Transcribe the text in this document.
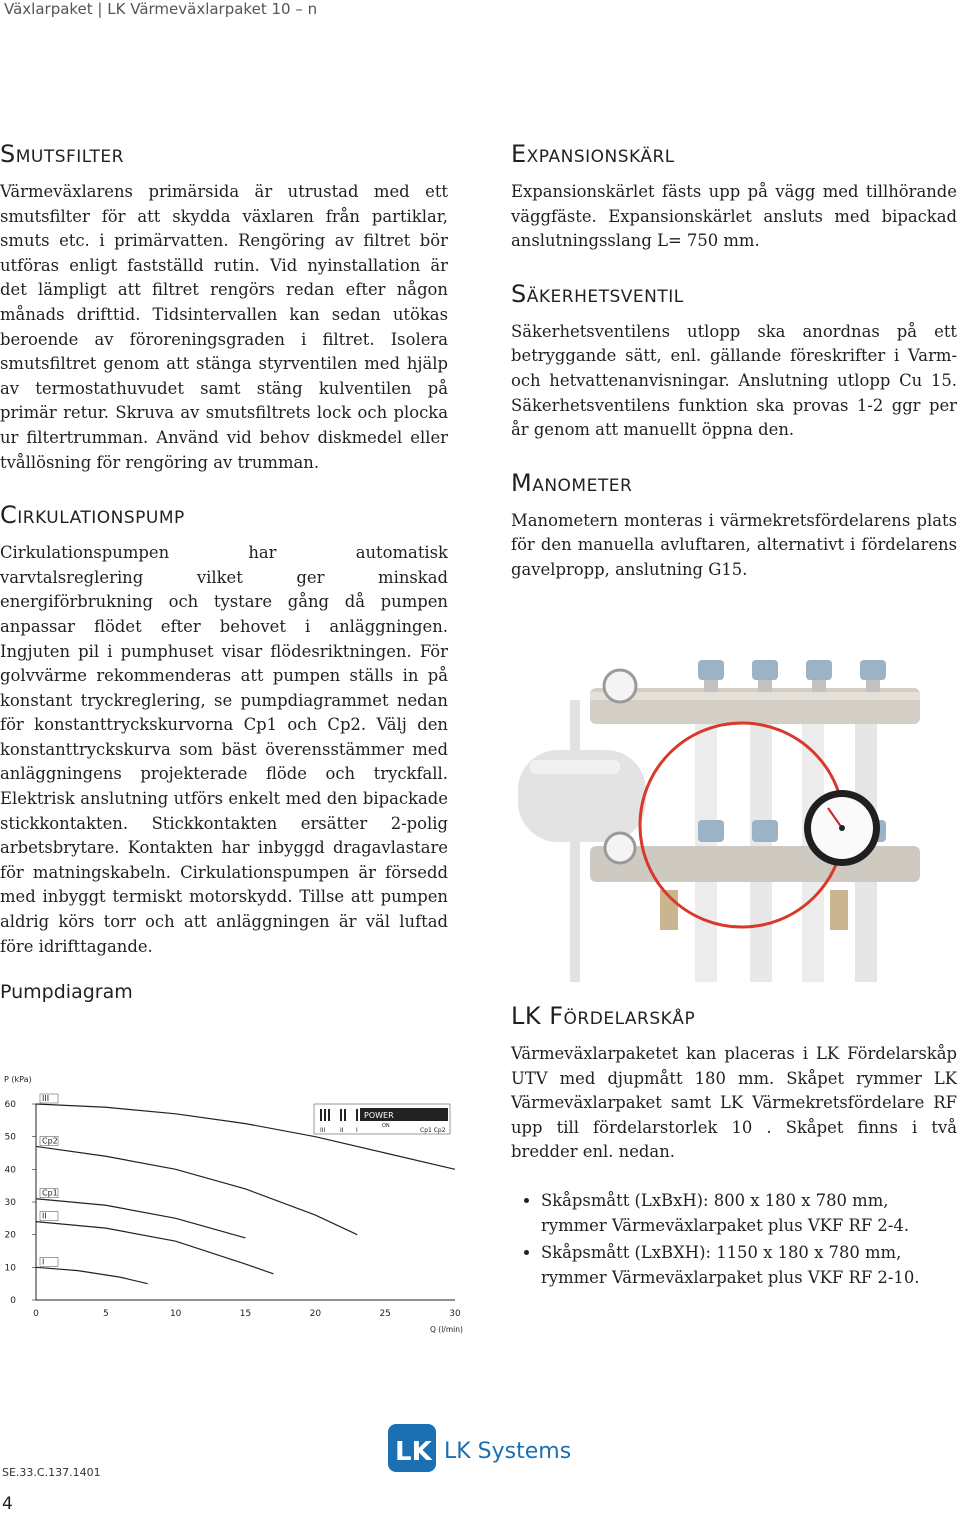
Växlarpaket | LK Värmeväxlarpaket 10 – n
Smutsfilter

Värmeväxlarens primärsida är utrustad med ett smutsfilter för att skydda växlaren från partiklar, smuts etc. i primärvatten. Rengöring av filtret bör utföras enligt fastställd rutin. Vid nyinstallation är det lämpligt att filtret rengörs redan efter någon månads drifttid. Tidsintervallen kan sedan utökas beroende av föroreningsgraden i filtret. Isolera smutsfiltret genom att stänga styrventilen med hjälp av termostathuvudet samt stäng kulventilen på primär retur. Skruva av smutsfiltrets lock och plocka ur filtertrumman. Använd vid behov diskmedel eller tvållösning för rengöring av trumman.

Cirkulationspump

Cirkulationspumpen har automatisk varvtalsreglering vilket ger minskad energiförbrukning och tystare gång då pumpen anpassar flödet efter behovet i anläggningen. Ingjuten pil i pumphuset visar flödesriktningen. För golvvärme rekommenderas att pumpen ställs in på konstant tryckreglering, se pumpdiagrammet nedan för konstanttryckskurvorna Cp1 och Cp2. Välj den konstanttryckskurva som bäst överensstämmer med anläggningens projekterade flöde och tryckfall. Elektrisk anslutning utförs enkelt med den bipackade stickkontakten. Stickkontakten ersätter 2-polig arbetsbrytare. Kontakten har inbyggd dragavlastare för matningskabeln. Cirkulationspumpen är försedd med inbyggt termiskt motorskydd. Tillse att pumpen aldrig körs torr och att anläggningen är väl luftad före idrifttagande.

Pumpdiagram
0	5	10	15	20	25	30
0
10
20
30
40
50
60
III
Cp2
Cp1
II
I
P (kPa)
Q (l/min)
POWER
ON
III II I	Cp1 Cp2
Expansionskärl

Expansionskärlet fästs upp på vägg med tillhörande väggfäste. Expansionskärlet ansluts med bipackad anslutningsslang L= 750 mm.

Säkerhetsventil

Säkerhetsventilens utlopp ska anordnas på ett betryggande sätt, enl. gällande föreskrifter i Varm- och hetvattenanvisningar. Anslutning utlopp Cu 15. Säkerhetsventilens funktion ska provas 1-2 ggr per år genom att manuellt öppna den.

Manometer

Manometern monteras i värmekretsfördelarens plats för den manuella avluftaren, alternativt i fördelarens gavelpropp, anslutning G15.

LK Fördelarskåp

Värmeväxlarpaketet kan placeras i LK Fördelarskåp UTV med djupmått 180 mm. Skåpet rymmer LK Värmeväxlarpaket samt LK Värmekretsfördelare RF upp till fördelarstorlek 10 . Skåpet finns i två bredder enl. nedan.

• Skåpsmått (LxBxH): 800 x 180 x 780 mm, rymmer Värmeväxlarpaket plus VKF RF 2-4.
• Skåpsmått (LxBXH): 1150 x 180 x 780 mm, rymmer Värmeväxlarpaket plus VKF RF 2-10.
LK LK Systems
SE.33.C.137.1401
4
